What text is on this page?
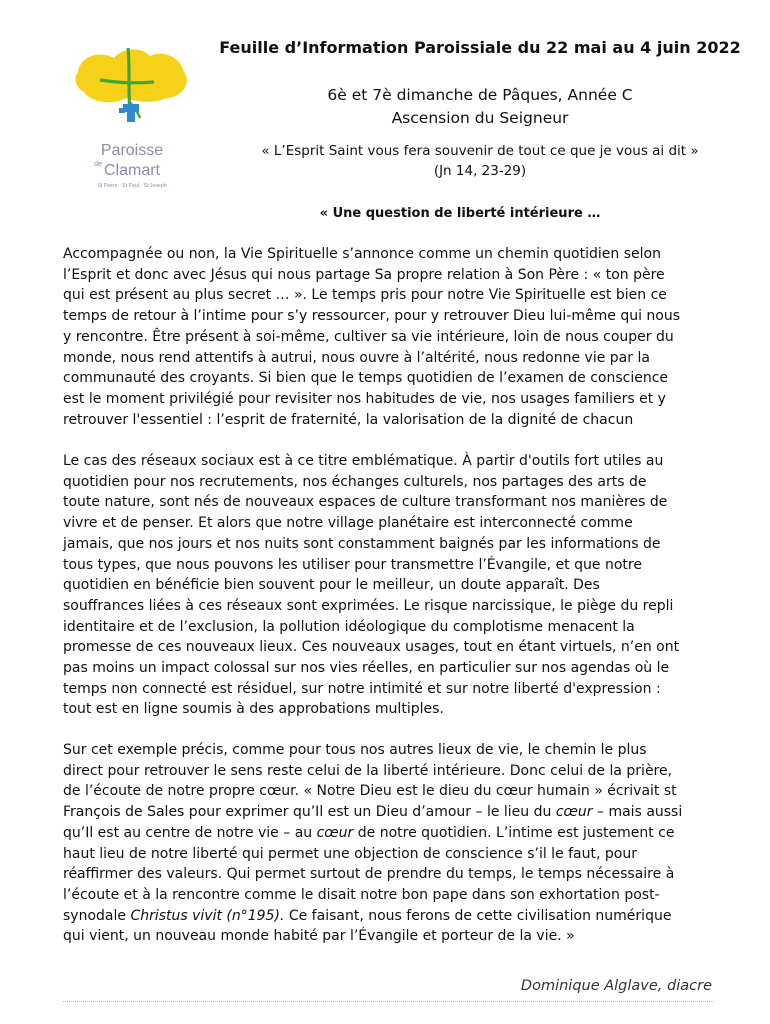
Paroisse
de Clamart
St Pierre · St Paul · St Joseph
Feuille d’Information Paroissiale du 22 mai au 4 juin 2022
6è et 7è dimanche de Pâques, Année C
Ascension du Seigneur
« L’Esprit Saint vous fera souvenir de tout ce que je vous ai dit »
(Jn 14, 23-29)
« Une question de liberté intérieure …
Accompagnée ou non, la Vie Spirituelle s’annonce comme un chemin quotidien selon
l’Esprit et donc avec Jésus qui nous partage Sa propre relation à Son Père : « ton père
qui est présent au plus secret … ». Le temps pris pour notre Vie Spirituelle est bien ce
temps de retour à l’intime pour s’y ressourcer, pour y retrouver Dieu lui-même qui nous
y rencontre. Être présent à soi-même, cultiver sa vie intérieure, loin de nous couper du
monde, nous rend attentifs à autrui, nous ouvre à l’altérité, nous redonne vie par la
communauté des croyants. Si bien que le temps quotidien de l’examen de conscience
est le moment privilégié pour revisiter nos habitudes de vie, nos usages familiers et y
retrouver l'essentiel : l’esprit de fraternité, la valorisation de la dignité de chacun
Le cas des réseaux sociaux est à ce titre emblématique. À partir d'outils fort utiles au
quotidien pour nos recrutements, nos échanges culturels, nos partages des arts de
toute nature, sont nés de nouveaux espaces de culture transformant nos manières de
vivre et de penser. Et alors que notre village planétaire est interconnecté comme
jamais, que nos jours et nos nuits sont constamment baignés par les informations de
tous types, que nous pouvons les utiliser pour transmettre l’Évangile, et que notre
quotidien en bénéficie bien souvent pour le meilleur, un doute apparaît. Des
souffrances liées à ces réseaux sont exprimées. Le risque narcissique, le piège du repli
identitaire et de l’exclusion, la pollution idéologique du complotisme menacent la
promesse de ces nouveaux lieux. Ces nouveaux usages, tout en étant virtuels, n’en ont
pas moins un impact colossal sur nos vies réelles, en particulier sur nos agendas où le
temps non connecté est résiduel, sur notre intimité et sur notre liberté d'expression :
tout est en ligne soumis à des approbations multiples.
Sur cet exemple précis, comme pour tous nos autres lieux de vie, le chemin le plus
direct pour retrouver le sens reste celui de la liberté intérieure. Donc celui de la prière,
de l’écoute de notre propre cœur. « Notre Dieu est le dieu du cœur humain » écrivait st
François de Sales pour exprimer qu’Il est un Dieu d’amour – le lieu du cœur – mais aussi
qu’Il est au centre de notre vie – au cœur de notre quotidien. L’intime est justement ce
haut lieu de notre liberté qui permet une objection de conscience s’il le faut, pour
réaffirmer des valeurs. Qui permet surtout de prendre du temps, le temps nécessaire à
l’écoute et à la rencontre comme le disait notre bon pape dans son exhortation post-
synodale Christus vivit (n°195). Ce faisant, nous ferons de cette civilisation numérique
qui vient, un nouveau monde habité par l’Évangile et porteur de la vie. »
Dominique Alglave, diacre
